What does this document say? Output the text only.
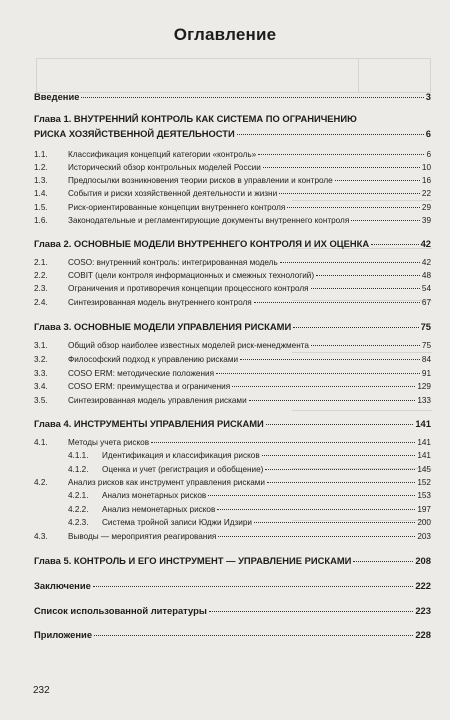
Оглавление
Введение	3
Глава 1. ВНУТРЕННИЙ КОНТРОЛЬ КАК СИСТЕМА ПО ОГРАНИЧЕНИЮ
РИСКА ХОЗЯЙСТВЕННОЙ ДЕЯТЕЛЬНОСТИ	6
1.1.	Классификация концепций категории «контроль»	6
1.2.	Исторический обзор контрольных моделей России	10
1.3.	Предпосылки возникновения теории рисков в управлении и контроле	16
1.4.	События и риски хозяйственной деятельности и жизни	22
1.5.	Риск-ориентированные концепции внутреннего контроля	29
1.6.	Законодательные и регламентирующие документы внутреннего контроля	39
Глава 2. ОСНОВНЫЕ МОДЕЛИ ВНУТРЕННЕГО КОНТРОЛЯ И ИХ ОЦЕНКА	42
2.1.	COSO: внутренний контроль: интегрированная модель	42
2.2.	COBIT (цели контроля информационных и смежных технологий)	48
2.3.	Ограничения и противоречия концепции процессного контроля	54
2.4.	Синтезированная модель внутреннего контроля	67
Глава 3. ОСНОВНЫЕ МОДЕЛИ УПРАВЛЕНИЯ РИСКАМИ	75
3.1.	Общий обзор наиболее известных моделей риск-менеджмента	75
3.2.	Философский подход к управлению рисками	84
3.3.	COSO ERM: методические положения	91
3.4.	COSO ERM: преимущества и ограничения	129
3.5.	Синтезированная модель управления рисками	133
Глава 4. ИНСТРУМЕНТЫ УПРАВЛЕНИЯ РИСКАМИ	141
4.1.	Методы учета рисков	141
4.1.1.	Идентификация и классификация рисков	141
4.1.2.	Оценка и учет (регистрация и обобщение)	145
4.2.	Анализ рисков как инструмент управления рисками	152
4.2.1.	Анализ монетарных рисков	153
4.2.2.	Анализ немонетарных рисков	197
4.2.3.	Система тройной записи Юджи Идзири	200
4.3.	Выводы — мероприятия реагирования	203
Глава 5. КОНТРОЛЬ И ЕГО ИНСТРУМЕНТ — УПРАВЛЕНИЕ РИСКАМИ	208
Заключение	222
Список использованной литературы	223
Приложение	228
232
